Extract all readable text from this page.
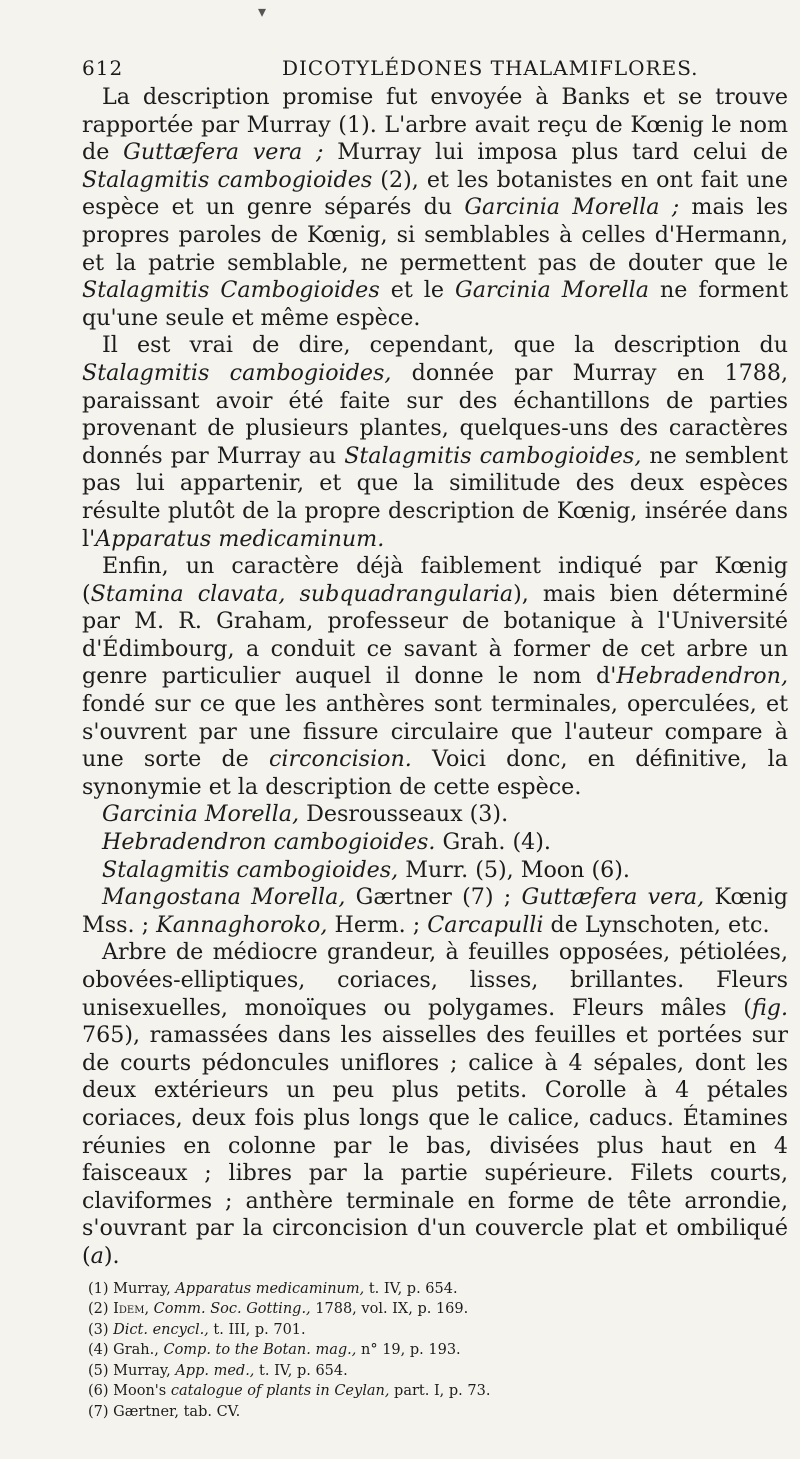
▾
612	DICOTYLÉDONES THALAMIFLORES.

La description promise fut envoyée à Banks et se trouve rapportée par Murray (1). L'arbre avait reçu de Kœnig le nom de Guttæfera vera ; Murray lui imposa plus tard celui de Stalagmitis cambogioides (2), et les botanistes en ont fait une espèce et un genre séparés du Garcinia Morella ; mais les propres paroles de Kœnig, si semblables à celles d'Hermann, et la patrie semblable, ne permettent pas de douter que le Stalagmitis Cambogioides et le Garcinia Morella ne forment qu'une seule et même espèce.

Il est vrai de dire, cependant, que la description du Stalagmitis cambogioides, donnée par Murray en 1788, paraissant avoir été faite sur des échantillons de parties provenant de plusieurs plantes, quelques-uns des caractères donnés par Murray au Stalagmitis cambogioides, ne semblent pas lui appartenir, et que la similitude des deux espèces résulte plutôt de la propre description de Kœnig, insérée dans l'Apparatus medicaminum.

Enfin, un caractère déjà faiblement indiqué par Kœnig (Stamina clavata, subquadrangularia), mais bien déterminé par M. R. Graham, professeur de botanique à l'Université d'Édimbourg, a conduit ce savant à former de cet arbre un genre particulier auquel il donne le nom d'Hebradendron, fondé sur ce que les anthères sont terminales, operculées, et s'ouvrent par une fissure circulaire que l'auteur compare à une sorte de circoncision. Voici donc, en définitive, la synonymie et la description de cette espèce.

Garcinia Morella, Desrousseaux (3).

Hebradendron cambogioides. Grah. (4).

Stalagmitis cambogioides, Murr. (5), Moon (6).

Mangostana Morella, Gærtner (7) ; Guttæfera vera, Kœnig Mss. ; Kannaghoroko, Herm. ; Carcapulli de Lynschoten, etc.

Arbre de médiocre grandeur, à feuilles opposées, pétiolées, obovées-elliptiques, coriaces, lisses, brillantes. Fleurs unisexuelles, monoïques ou polygames. Fleurs mâles (fig. 765), ramassées dans les aisselles des feuilles et portées sur de courts pédoncules uniflores ; calice à 4 sépales, dont les deux extérieurs un peu plus petits. Corolle à 4 pétales coriaces, deux fois plus longs que le calice, caducs. Étamines réunies en colonne par le bas, divisées plus haut en 4 faisceaux ; libres par la partie supérieure. Filets courts, claviformes ; anthère terminale en forme de tête arrondie, s'ouvrant par la circoncision d'un couvercle plat et ombiliqué (a).

(1) Murray, Apparatus medicaminum, t. IV, p. 654.
(2) Idem, Comm. Soc. Gotting., 1788, vol. IX, p. 169.
(3) Dict. encycl., t. III, p. 701.
(4) Grah., Comp. to the Botan. mag., n° 19, p. 193.
(5) Murray, App. med., t. IV, p. 654.
(6) Moon's catalogue of plants in Ceylan, part. I, p. 73.
(7) Gærtner, tab. CV.
